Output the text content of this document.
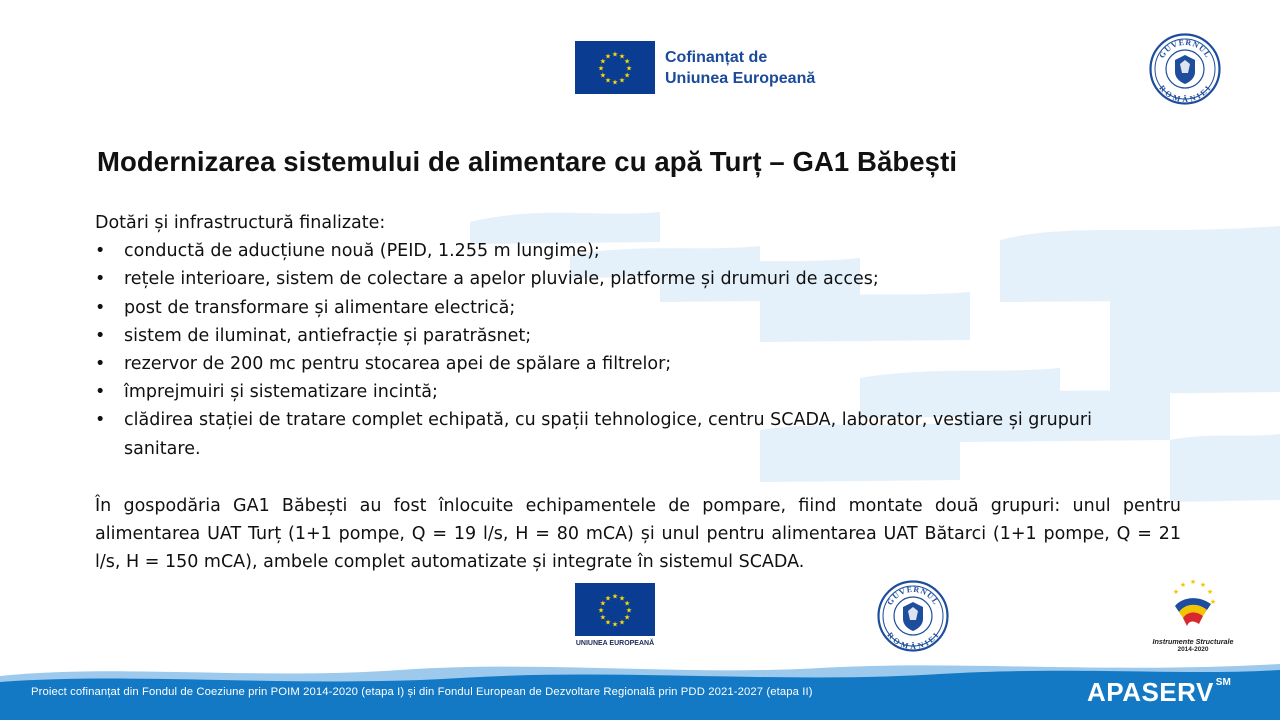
★ ★
★
★
★
★
★
★
★
★
★
★	Cofinanțat de
Uniunea Europeană
GUVERNUL
ROMÂNIEI
Modernizarea sistemului de alimentare cu apă Turț – GA1 Băbești

Dotări și infrastructură finalizate:

• conductă de aducțiune nouă (PEID, 1.255 m lungime);
• rețele interioare, sistem de colectare a apelor pluviale, platforme și drumuri de acces;
• post de transformare și alimentare electrică;
• sistem de iluminat, antiefracție și paratrăsnet;
• rezervor de 200 mc pentru stocarea apei de spălare a filtrelor;
• împrejmuiri și sistematizare incintă;
• clădirea stației de tratare complet echipată, cu spații tehnologice, centru SCADA, laborator, vestiare și grupuri sanitare.

În gospodăria GA1 Băbești au fost înlocuite echipamentele de pompare, fiind montate două grupuri: unul pentru alimentarea UAT Turț (1+1 pompe, Q = 19 l/s, H = 80 mCA) și unul pentru alimentarea UAT Bătarci (1+1 pompe, Q = 21 l/s, H = 150 mCA), ambele complet automatizate și integrate în sistemul SCADA.

★ ★
★
★
★
★
★
★
★
★
★
★
UNIUNEA EUROPEANĂ
GUVERNUL
ROMÂNIEI
★ ★
★
★
★
★
Instrumente Structurale
2014-2020
Proiect cofinanțat din Fondul de Coeziune prin POIM 2014-2020 (etapa I) și din Fondul European de Dezvoltare Regională prin PDD 2021-2027 (etapa II)	APASERV ℠
